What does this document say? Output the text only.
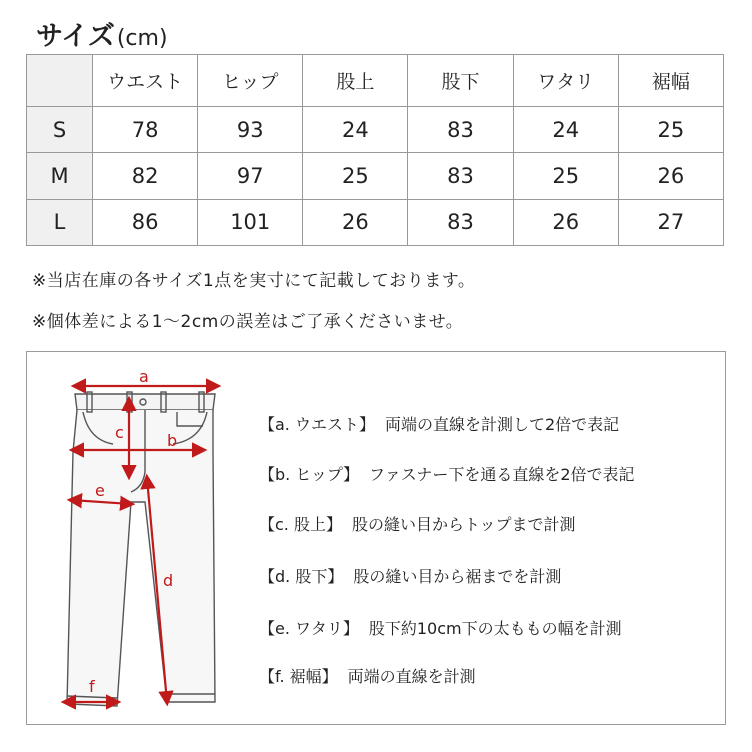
サイズ(cm)
	ウエスト	ヒップ	股上	股下	ワタリ	裾幅
S	78	93	24	83	24	25
M	82	97	25	83	25	26
L	86	101	26	83	26	27
※当店在庫の各サイズ1点を実寸にて記載しております。
※個体差による1〜2cmの誤差はご了承くださいませ。
a
b
c
d
e
f
【a. ウエスト】 両端の直線を計測して2倍で表記
【b. ヒップ】 ファスナー下を通る直線を2倍で表記
【c. 股上】 股の縫い目からトップまで計測
【d. 股下】 股の縫い目から裾までを計測
【e. ワタリ】 股下約10cm下の太ももの幅を計測
【f. 裾幅】 両端の直線を計測
